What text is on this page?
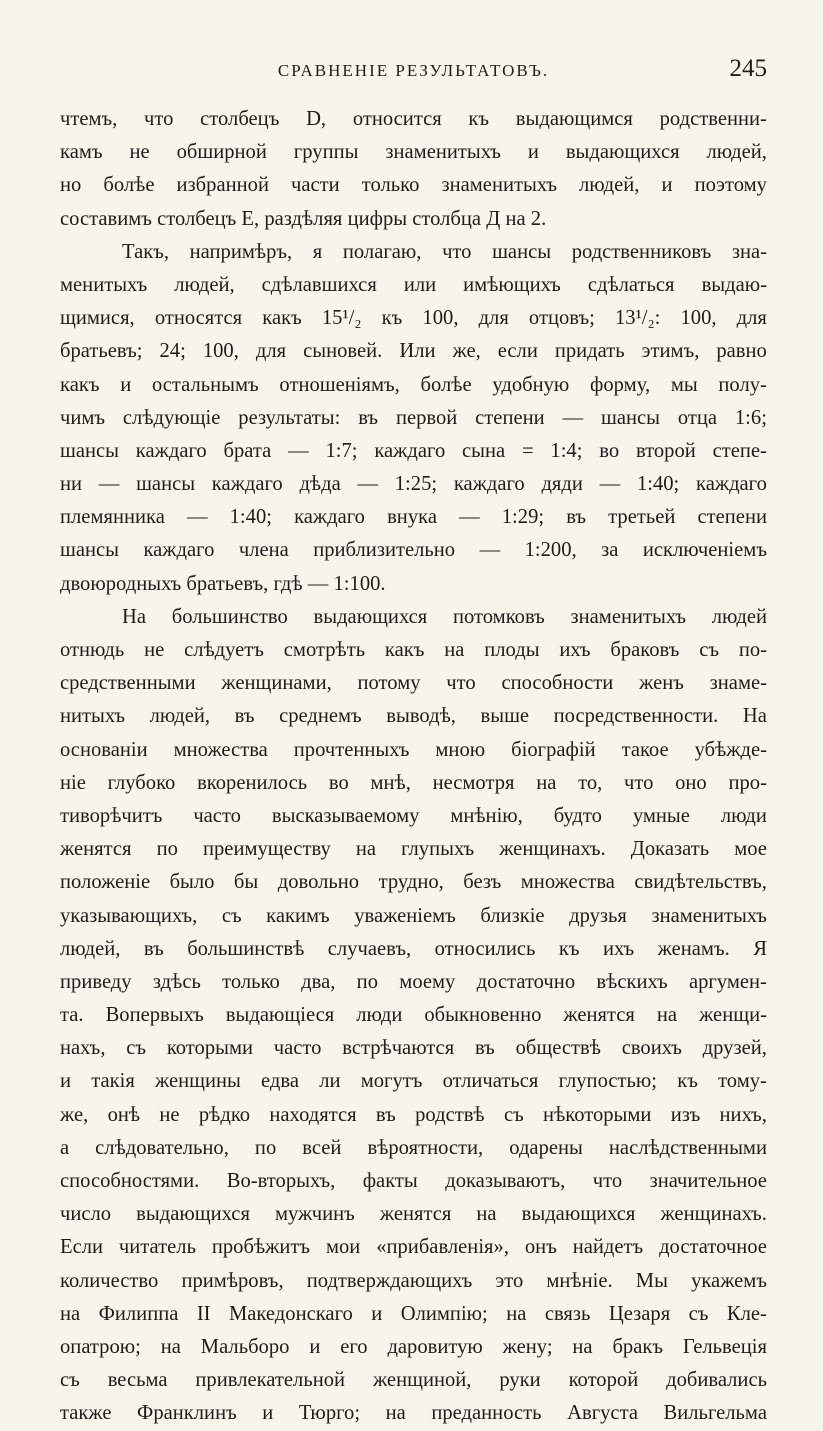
СРАВНЕНІЕ РЕЗУЛЬТАТОВЪ.	245
чтемъ, что столбецъ D, относится къ выдающимся родственни-
камъ не обширной группы знаменитыхъ и выдающихся людей,
но болѣе избранной части только знаменитыхъ людей, и поэтому
составимъ
столбецъ
E,
раздѣляя
цифры
столбца
Д
на
2.
Такъ, напримѣръ, я полагаю, что шансы родственниковъ зна-
менитыхъ людей, сдѣлавшихся или имѣющихъ сдѣлаться выдаю-
щимися, относятся какъ 15¹/₂ къ 100, для отцовъ; 13¹/₂: 100, для
братьевъ; 24; 100, для сыновей. Или же, если придать этимъ, равно
какъ и остальнымъ отношеніямъ, болѣе удобную форму, мы полу-
чимъ слѣдующіе результаты: въ первой степени — шансы отца 1:6;
шансы каждаго брата — 1:7; каждаго сына = 1:4; во второй степе-
ни — шансы каждаго дѣда — 1:25; каждаго дяди — 1:40; каждаго
племянника — 1:40; каждаго внука — 1:29; въ третьей степени
шансы каждаго члена приблизительно — 1:200, за исключеніемъ
двоюродныхъ
братьевъ,
гдѣ
—
1:100.
На большинство выдающихся потомковъ знаменитыхъ людей
отнюдь не слѣдуетъ смотрѣть какъ на плоды ихъ браковъ съ по-
средственными женщинами, потому что способности женъ знаме-
нитыхъ людей, въ среднемъ выводѣ, выше посредственности. На
основаніи множества прочтенныхъ мною біографій такое убѣжде-
ніе глубоко вкоренилось во мнѣ, несмотря на то, что оно про-
тиворѣчитъ часто высказываемому мнѣнію, будто умные люди
женятся по преимуществу на глупыхъ женщинахъ. Доказать мое
положеніе было бы довольно трудно, безъ множества свидѣтельствъ,
указывающихъ, съ какимъ уваженіемъ близкіе друзья знаменитыхъ
людей, въ большинствѣ случаевъ, относились къ ихъ женамъ. Я
приведу здѣсь только два, по моему достаточно вѣскихъ аргумен-
та. Вопервыхъ выдающіеся люди обыкновенно женятся на женщи-
нахъ, съ которыми часто встрѣчаются въ обществѣ своихъ друзей,
и такія женщины едва ли могутъ отличаться глупостью; къ тому-
же, онѣ не рѣдко находятся въ родствѣ съ нѣкоторыми изъ нихъ,
а слѣдовательно, по всей вѣроятности, одарены наслѣдственными
способностями. Во-вторыхъ, факты доказываютъ, что значительное
число выдающихся мужчинъ женятся на выдающихся женщинахъ.
Если читатель пробѣжитъ мои «прибавленія», онъ найдетъ достаточное
количество примѣровъ, подтверждающихъ это мнѣніе. Мы укажемъ
на Филиппа II Македонскаго и Олимпію; на связь Цезаря съ Кле-
опатрою; на Мальборо и его даровитую жену; на бракъ Гельвеція
съ весьма привлекательной женщиной, руки которой добивались
также Франклинъ и Тюрго; на преданность Августа Вильгельма
